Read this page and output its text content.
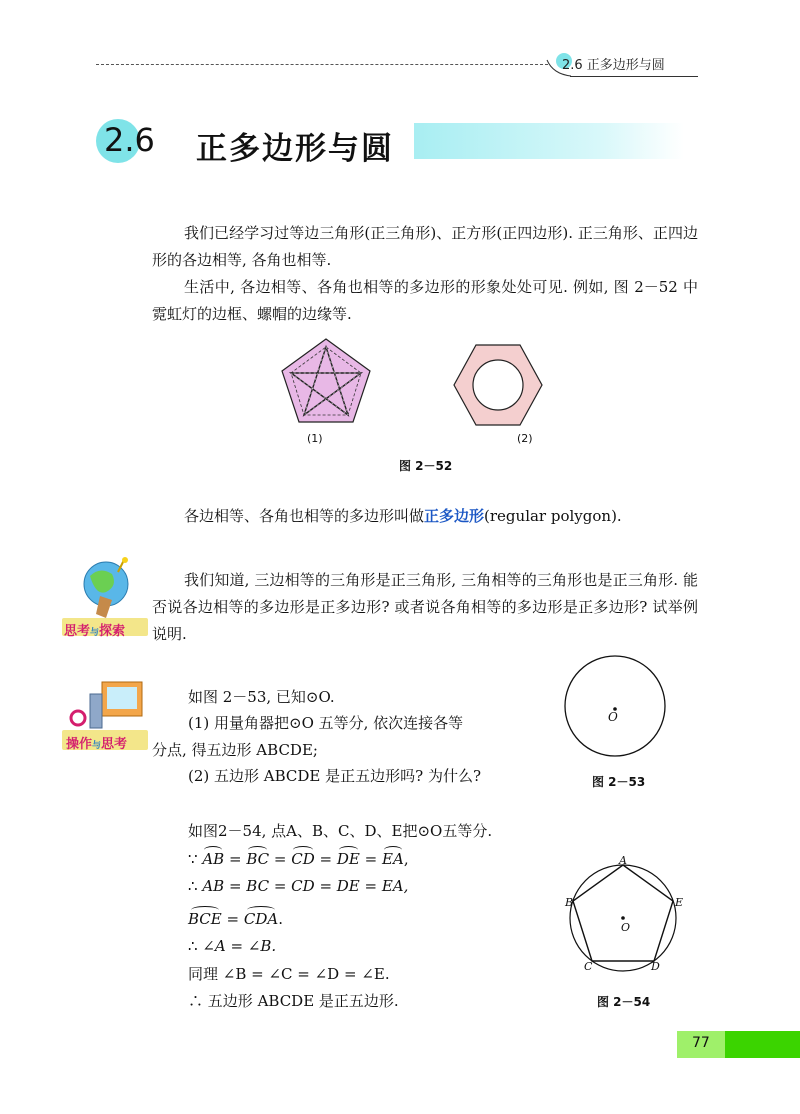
2.6 正多边形与圆
2.6 正多边形与圆
我们已经学习过等边三角形(正三角形)、正方形(正四边形). 正三角形、正四边形的各边相等, 各角也相等.
生活中, 各边相等、各角也相等的多边形的形象处处可见. 例如, 图 2－52 中霓虹灯的边框、螺帽的边缘等.
(1)	(2)
图 2－52
各边相等、各角也相等的多边形叫做正多边形(regular polygon).
思考与探索
我们知道, 三边相等的三角形是正三角形, 三角相等的三角形也是正三角形. 能否说各边相等的多边形是正多边形? 或者说各角相等的多边形是正多边形? 试举例说明.
操作与思考
如图 2－53, 已知⊙O.
(1) 用量角器把⊙O 五等分, 依次连接各等
分点, 得五边形 ABCDE;
(2) 五边形 ABCDE 是正五边形吗? 为什么?
O
图 2－53
如图2－54, 点A、B、C、D、E把⊙O五等分.
∵ AB = BC = CD = DE = EA,
∴ AB = BC = CD = DE = EA,
BCE = CDA.
∴ ∠A = ∠B.
同理 ∠B = ∠C = ∠D = ∠E.
∴ 五边形 ABCDE 是正五边形.
A
B
C	D
E
O
图 2－54
77
